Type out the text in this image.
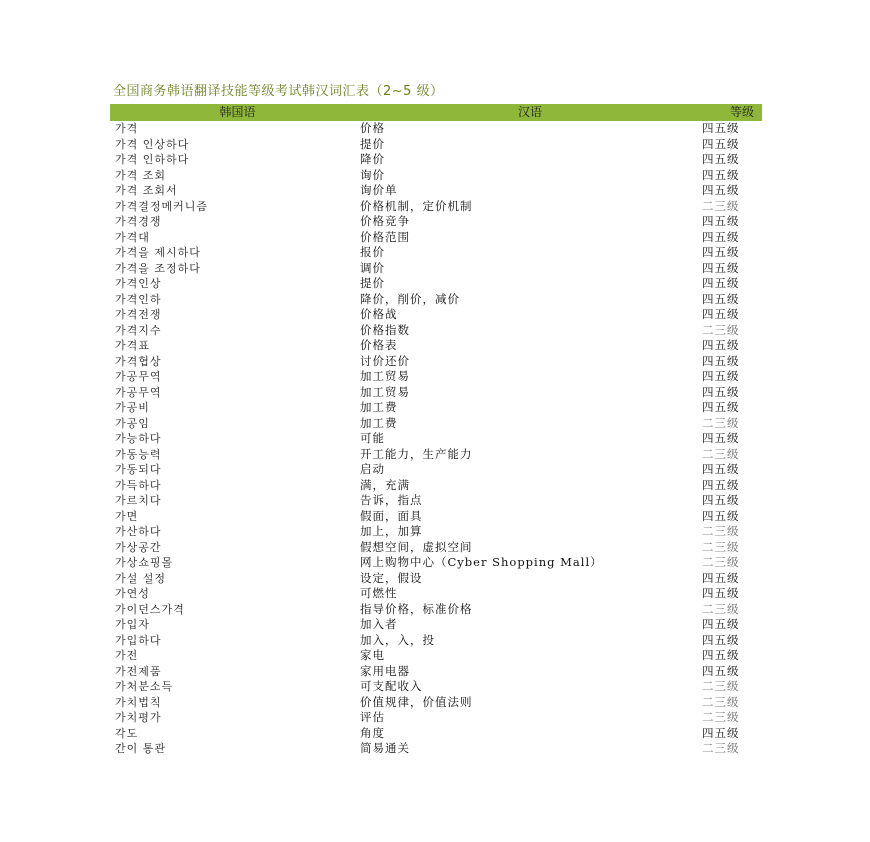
全国商务韩语翻译技能等级考试韩汉词汇表（2~5 级）
韩国语	汉语	等级
가격	价格	四五级
가격 인상하다	提价	四五级
가격 인하하다	降价	四五级
가격 조회	询价	四五级
가격 조회서	询价单	四五级
가격결정메커니즘	价格机制，定价机制	二三级
가격경쟁	价格竞争	四五级
가격대	价格范围	四五级
가격을 제시하다	报价	四五级
가격을 조정하다	调价	四五级
가격인상	提价	四五级
가격인하	降价，削价，减价	四五级
가격전쟁	价格战	四五级
가격지수	价格指数	二三级
가격표	价格表	四五级
가격협상	讨价还价	四五级
가공무역	加工贸易	四五级
가공무역	加工贸易	四五级
가공비	加工费	四五级
가공임	加工费	二三级
가능하다	可能	四五级
가동능력	开工能力，生产能力	二三级
가동되다	启动	四五级
가득하다	满，充满	四五级
가르치다	告诉，指点	四五级
가면	假面，面具	四五级
가산하다	加上，加算	二三级
가상공간	假想空间，虚拟空间	二三级
가상쇼핑몰	网上购物中心（Cyber Shopping Mall）	二三级
가설 설정	设定，假设	四五级
가연성	可燃性	四五级
가이던스가격	指导价格，标准价格	二三级
가입자	加入者	四五级
가입하다	加入，入，投	四五级
가전	家电	四五级
가전제품	家用电器	四五级
가처분소득	可支配收入	二三级
가치법칙	价值规律，价值法则	二三级
가치평가	评估	二三级
각도	角度	四五级
간이 통관	简易通关	二三级
